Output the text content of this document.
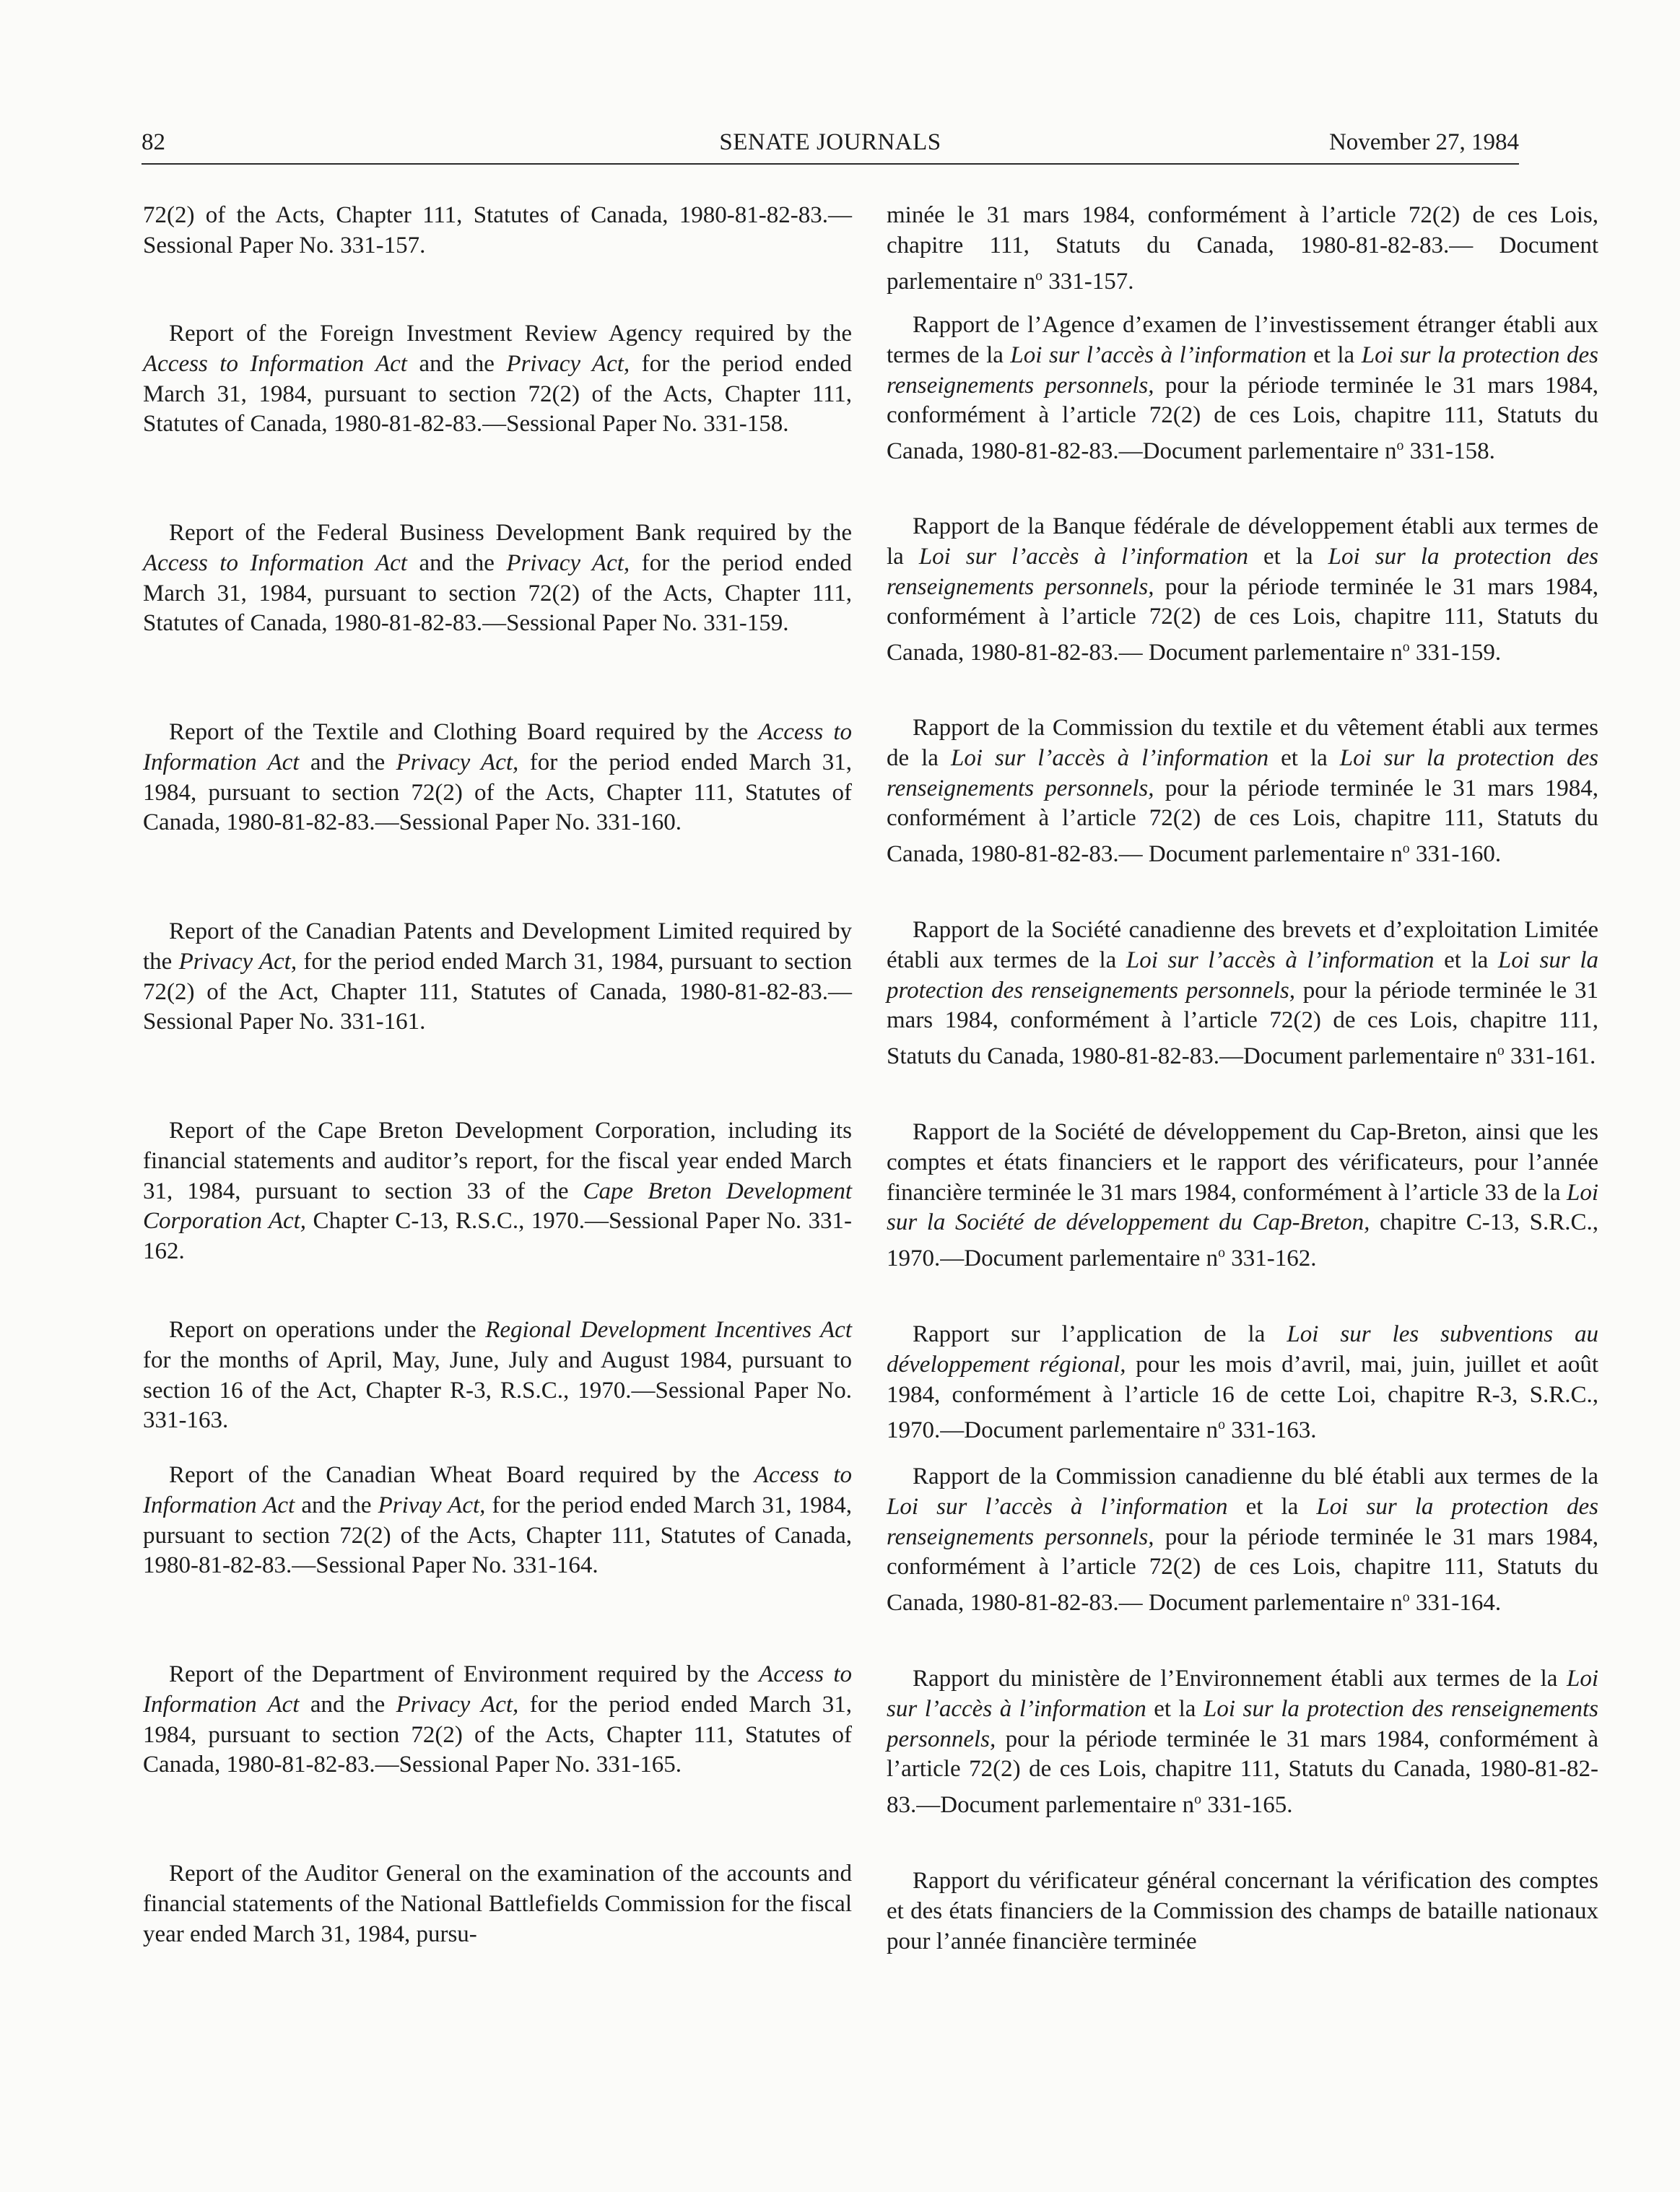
82	SENATE JOURNALS	November 27, 1984

72(2) of the Acts, Chapter 111, Statutes of Canada, 1980-81-82-83.—Sessional Paper No. 331-157.

Report of the Foreign Investment Review Agency required by the Access to Information Act and the Privacy Act, for the period ended March 31, 1984, pursuant to section 72(2) of the Acts, Chapter 111, Statutes of Canada, 1980-81-82-83.—Sessional Paper No. 331-158.

Report of the Federal Business Development Bank required by the Access to Information Act and the Privacy Act, for the period ended March 31, 1984, pursuant to section 72(2) of the Acts, Chapter 111, Statutes of Canada, 1980-81-82-83.—Sessional Paper No. 331-159.

Report of the Textile and Clothing Board required by the Access to Information Act and the Privacy Act, for the period ended March 31, 1984, pursuant to section 72(2) of the Acts, Chapter 111, Statutes of Canada, 1980-81-82-83.—Sessional Paper No. 331-160.

Report of the Canadian Patents and Development Limited required by the Privacy Act, for the period ended March 31, 1984, pursuant to section 72(2) of the Act, Chapter 111, Statutes of Canada, 1980-81-82-83.—Sessional Paper No. 331-161.

Report of the Cape Breton Development Corporation, including its financial statements and auditor’s report, for the fiscal year ended March 31, 1984, pursuant to section 33 of the Cape Breton Development Corporation Act, Chapter C-13, R.S.C., 1970.—Sessional Paper No. 331-162.

Report on operations under the Regional Development Incentives Act for the months of April, May, June, July and August 1984, pursuant to section 16 of the Act, Chapter R-3, R.S.C., 1970.—Sessional Paper No. 331-163.

Report of the Canadian Wheat Board required by the Access to Information Act and the Privay Act, for the period ended March 31, 1984, pursuant to section 72(2) of the Acts, Chapter 111, Statutes of Canada, 1980-81-82-83.—Sessional Paper No. 331-164.

Report of the Department of Environment required by the Access to Information Act and the Privacy Act, for the period ended March 31, 1984, pursuant to section 72(2) of the Acts, Chapter 111, Statutes of Canada, 1980-81-82-83.—Sessional Paper No. 331-165.

Report of the Auditor General on the examination of the accounts and financial statements of the National Battlefields Commission for the fiscal year ended March 31, 1984, pursu-

minée le 31 mars 1984, conformément à l’article 72(2) de ces Lois, chapitre 111, Statuts du Canada, 1980-81-82-83.— Document parlementaire $n^o$ 331-157.

Rapport de l’Agence d’examen de l’investissement étranger établi aux termes de la Loi sur l’accès à l’information et la Loi sur la protection des renseignements personnels, pour la période terminée le 31 mars 1984, conformément à l’article 72(2) de ces Lois, chapitre 111, Statuts du Canada, 1980-81-82-83.—Document parlementaire $n^o$ 331-158.

Rapport de la Banque fédérale de développement établi aux termes de la Loi sur l’accès à l’information et la Loi sur la protection des renseignements personnels, pour la période terminée le 31 mars 1984, conformément à l’article 72(2) de ces Lois, chapitre 111, Statuts du Canada, 1980-81-82-83.— Document parlementaire $n^o$ 331-159.

Rapport de la Commission du textile et du vêtement établi aux termes de la Loi sur l’accès à l’information et la Loi sur la protection des renseignements personnels, pour la période terminée le 31 mars 1984, conformément à l’article 72(2) de ces Lois, chapitre 111, Statuts du Canada, 1980-81-82-83.— Document parlementaire $n^o$ 331-160.

Rapport de la Société canadienne des brevets et d’exploitation Limitée établi aux termes de la Loi sur l’accès à l’information et la Loi sur la protection des renseignements personnels, pour la période terminée le 31 mars 1984, conformément à l’article 72(2) de ces Lois, chapitre 111, Statuts du Canada, 1980-81-82-83.—Document parlementaire $n^o$ 331-161.

Rapport de la Société de développement du Cap-Breton, ainsi que les comptes et états financiers et le rapport des vérificateurs, pour l’année financière terminée le 31 mars 1984, conformément à l’article 33 de la Loi sur la Société de développement du Cap-Breton, chapitre C-13, S.R.C., 1970.—Document parlementaire $n^o$ 331-162.

Rapport sur l’application de la Loi sur les subventions au développement régional, pour les mois d’avril, mai, juin, juillet et août 1984, conformément à l’article 16 de cette Loi, chapitre R-3, S.R.C., 1970.—Document parlementaire $n^o$ 331-163.

Rapport de la Commission canadienne du blé établi aux termes de la Loi sur l’accès à l’information et la Loi sur la protection des renseignements personnels, pour la période terminée le 31 mars 1984, conformément à l’article 72(2) de ces Lois, chapitre 111, Statuts du Canada, 1980-81-82-83.— Document parlementaire $n^o$ 331-164.

Rapport du ministère de l’Environnement établi aux termes de la Loi sur l’accès à l’information et la Loi sur la protection des renseignements personnels, pour la période terminée le 31 mars 1984, conformément à l’article 72(2) de ces Lois, chapitre 111, Statuts du Canada, 1980-81-82-83.—Document parlementaire $n^o$ 331-165.

Rapport du vérificateur général concernant la vérification des comptes et des états financiers de la Commission des champs de bataille nationaux pour l’année financière terminée
